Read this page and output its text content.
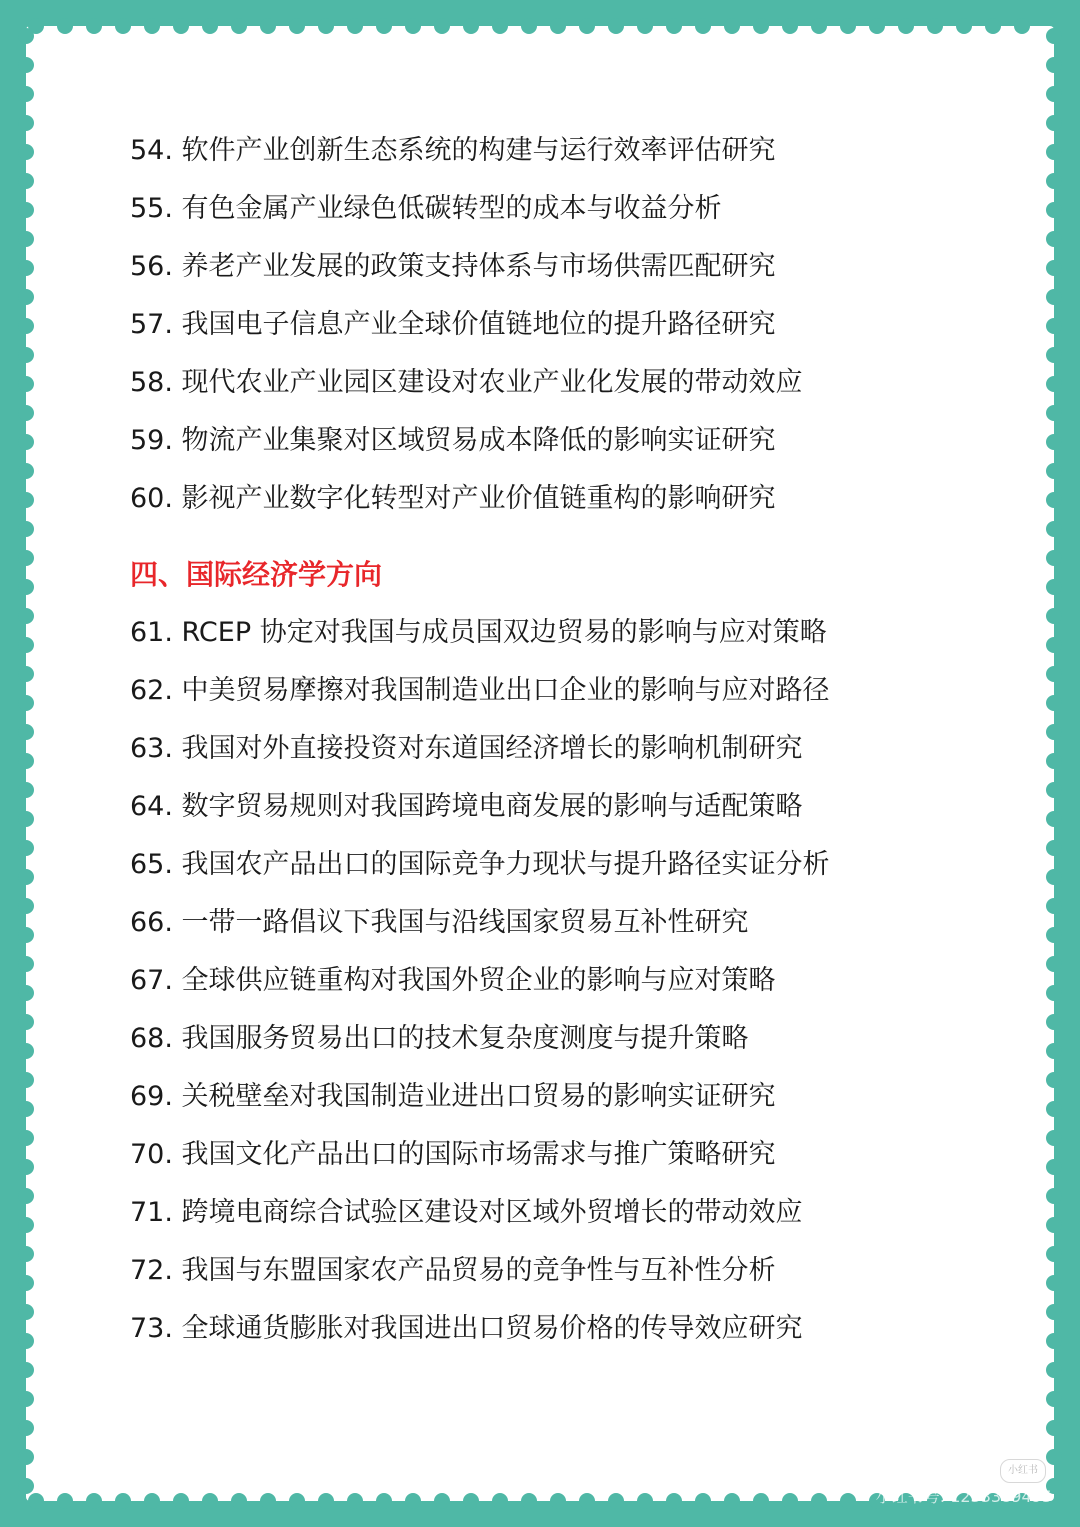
54. 软件产业创新生态系统的构建与运行效率评估研究
55. 有色金属产业绿色低碳转型的成本与收益分析
56. 养老产业发展的政策支持体系与市场供需匹配研究
57. 我国电子信息产业全球价值链地位的提升路径研究
58. 现代农业产业园区建设对农业产业化发展的带动效应
59. 物流产业集聚对区域贸易成本降低的影响实证研究
60. 影视产业数字化转型对产业价值链重构的影响研究
四、国际经济学方向
61. RCEP 协定对我国与成员国双边贸易的影响与应对策略
62. 中美贸易摩擦对我国制造业出口企业的影响与应对路径
63. 我国对外直接投资对东道国经济增长的影响机制研究
64. 数字贸易规则对我国跨境电商发展的影响与适配策略
65. 我国农产品出口的国际竞争力现状与提升路径实证分析
66. 一带一路倡议下我国与沿线国家贸易互补性研究
67. 全球供应链重构对我国外贸企业的影响与应对策略
68. 我国服务贸易出口的技术复杂度测度与提升策略
69. 关税壁垒对我国制造业进出口贸易的影响实证研究
70. 我国文化产品出口的国际市场需求与推广策略研究
71. 跨境电商综合试验区建设对区域外贸增长的带动效应
72. 我国与东盟国家农产品贸易的竞争性与互补性分析
73. 全球通货膨胀对我国进出口贸易价格的传导效应研究
小红书
小红书号: 1233389495
